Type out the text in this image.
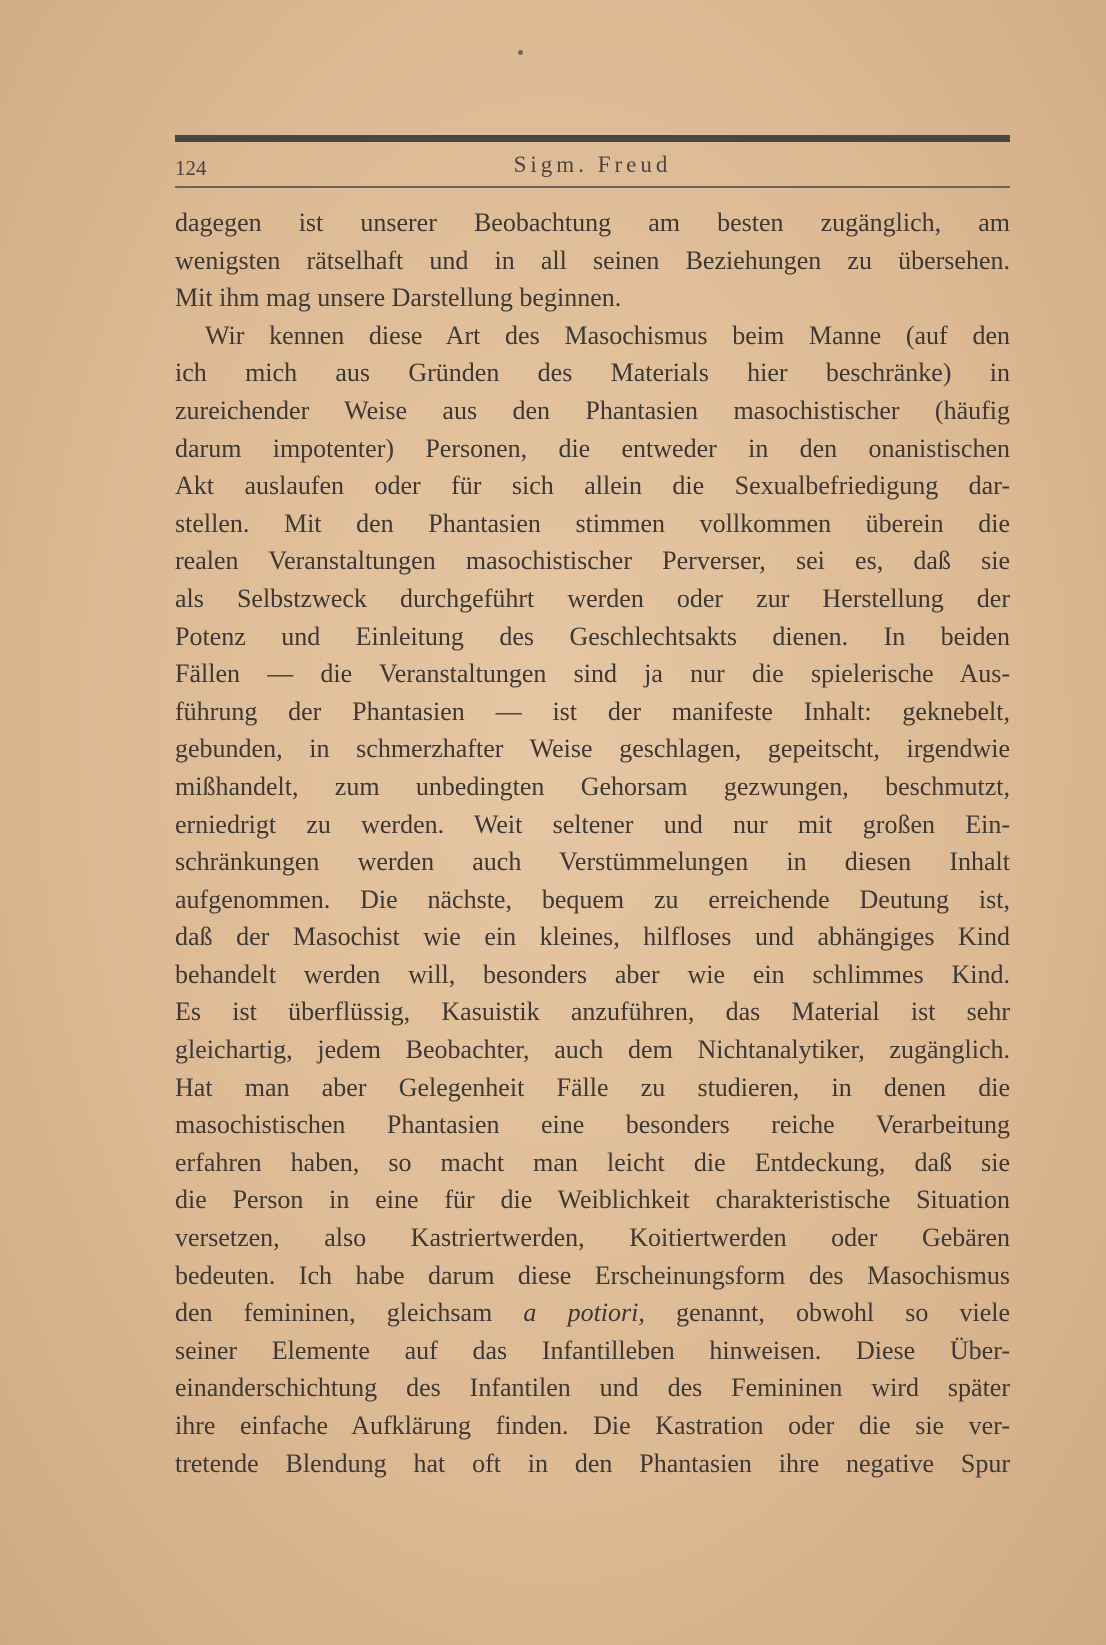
124	Sigm. Freud
dagegen ist unserer Beobachtung am besten zugänglich, am
wenigsten rätselhaft und in all seinen Beziehungen zu übersehen.
Mit ihm mag unsere Darstellung beginnen.
Wir kennen diese Art des Masochismus beim Manne (auf den
ich mich aus Gründen des Materials hier beschränke) in
zureichender Weise aus den Phantasien masochistischer (häufig
darum impotenter) Personen, die entweder in den onanistischen
Akt auslaufen oder für sich allein die Sexualbefriedigung dar-
stellen. Mit den Phantasien stimmen vollkommen überein die
realen Veranstaltungen masochistischer Perverser, sei es, daß sie
als Selbstzweck durchgeführt werden oder zur Herstellung der
Potenz und Einleitung des Geschlechtsakts dienen. In beiden
Fällen — die Veranstaltungen sind ja nur die spielerische Aus-
führung der Phantasien — ist der manifeste Inhalt: geknebelt,
gebunden, in schmerzhafter Weise geschlagen, gepeitscht, irgendwie
mißhandelt, zum unbedingten Gehorsam gezwungen, beschmutzt,
erniedrigt zu werden. Weit seltener und nur mit großen Ein-
schränkungen werden auch Verstümmelungen in diesen Inhalt
aufgenommen. Die nächste, bequem zu erreichende Deutung ist,
daß der Masochist wie ein kleines, hilfloses und abhängiges Kind
behandelt werden will, besonders aber wie ein schlimmes Kind.
Es ist überflüssig, Kasuistik anzuführen, das Material ist sehr
gleichartig, jedem Beobachter, auch dem Nichtanalytiker, zugänglich.
Hat man aber Gelegenheit Fälle zu studieren, in denen die
masochistischen Phantasien eine besonders reiche Verarbeitung
erfahren haben, so macht man leicht die Entdeckung, daß sie
die Person in eine für die Weiblichkeit charakteristische Situation
versetzen, also Kastriertwerden, Koitiertwerden oder Gebären
bedeuten. Ich habe darum diese Erscheinungsform des Masochismus
den femininen, gleichsam a potiori, genannt, obwohl so viele
seiner Elemente auf das Infantilleben hinweisen. Diese Über-
einanderschichtung des Infantilen und des Femininen wird später
ihre einfache Aufklärung finden. Die Kastration oder die sie ver-
tretende Blendung hat oft in den Phantasien ihre negative Spur
